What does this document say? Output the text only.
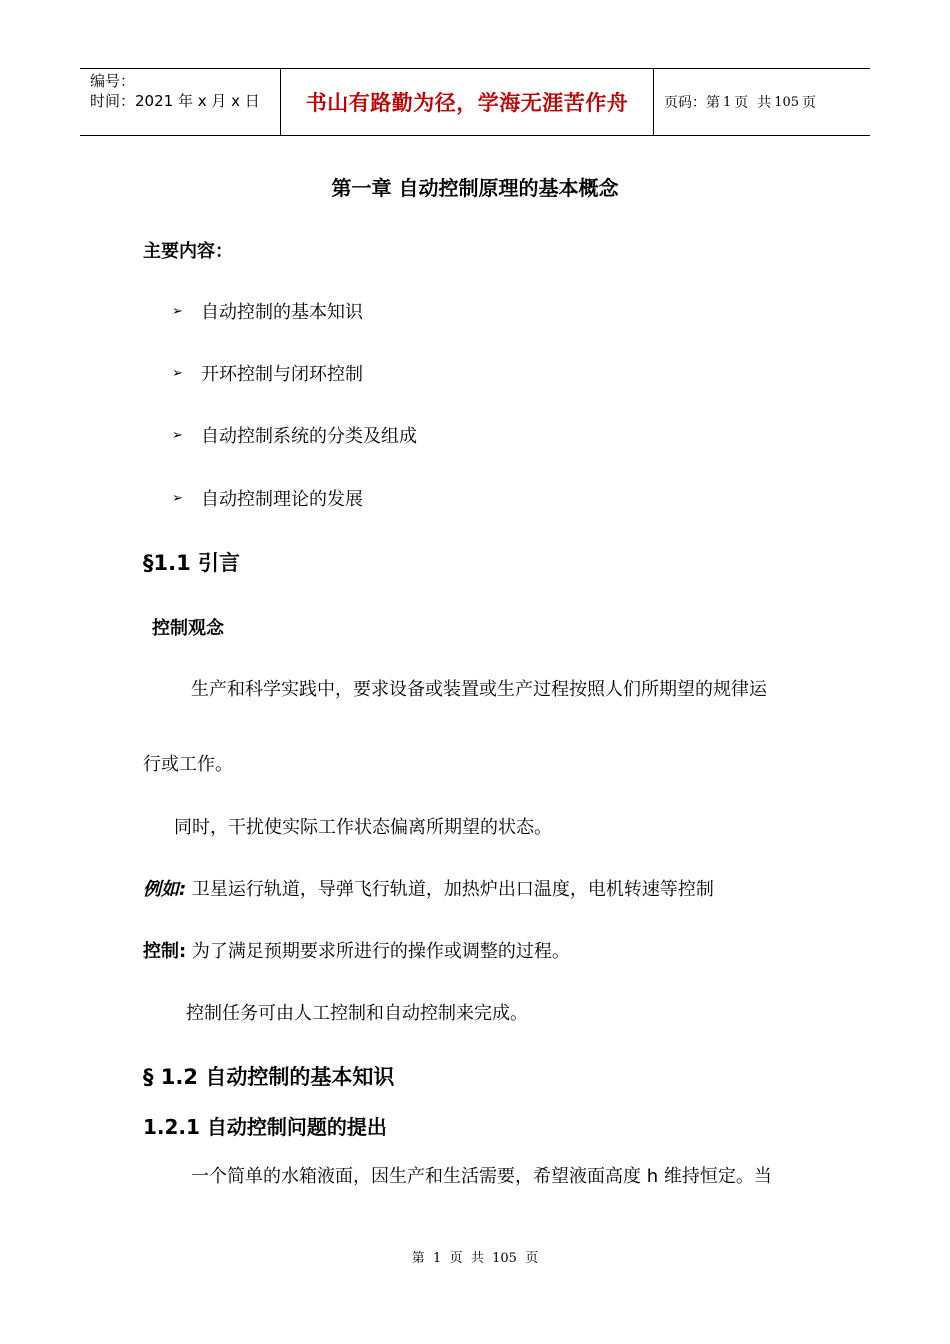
编号：
时间：2021 年 x 月 x 日	书山有路勤为径，学海无涯苦作舟	页码：第 1 页  共 105 页
第一章 自动控制原理的基本概念
主要内容：
➢ 自动控制的基本知识
➢ 开环控制与闭环控制
➢ 自动控制系统的分类及组成
➢ 自动控制理论的发展
§1.1 引言
控制观念
生产和科学实践中，要求设备或装置或生产过程按照人们所期望的规律运
行或工作。
同时，干扰使实际工作状态偏离所期望的状态。
例如: 卫星运行轨道，导弹飞行轨道，加热炉出口温度，电机转速等控制
控制: 为了满足预期要求所进行的操作或调整的过程。
控制任务可由人工控制和自动控制来完成。
§ 1.2 自动控制的基本知识
1.2.1 自动控制问题的提出
一个简单的水箱液面，因生产和生活需要，希望液面高度 h 维持恒定。当
第  1  页  共  105  页
